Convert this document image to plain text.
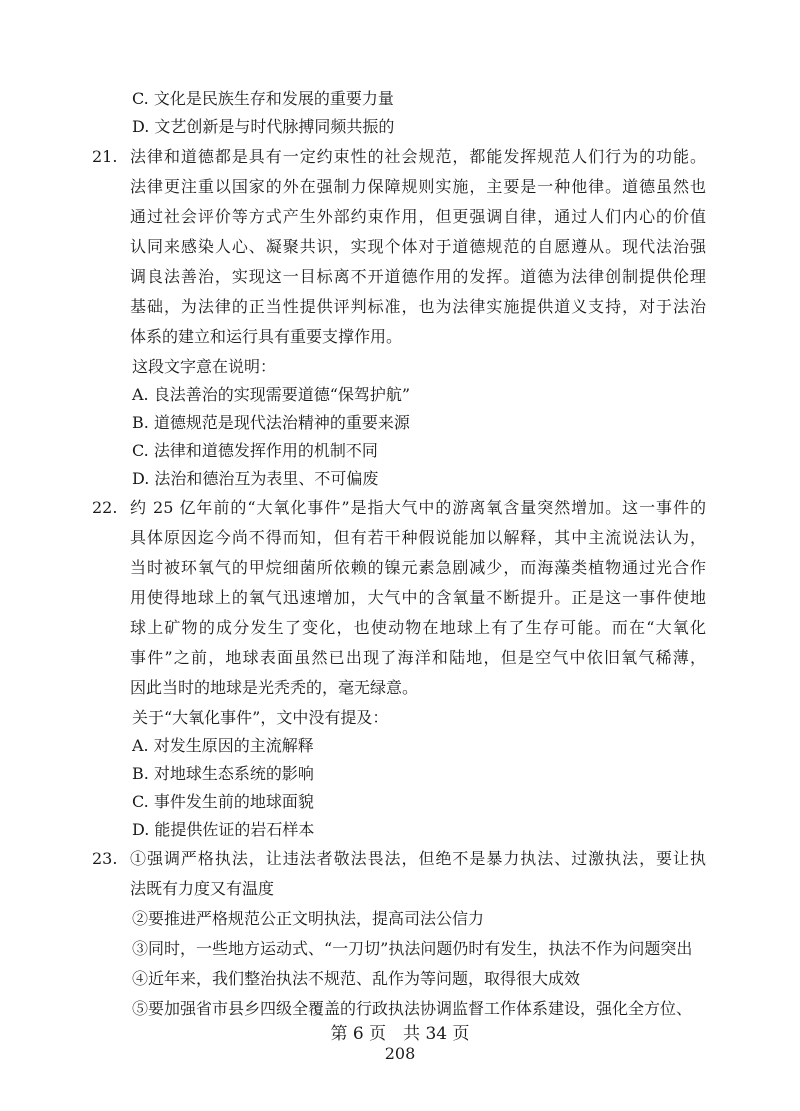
C. 文化是民族生存和发展的重要力量
D. 文艺创新是与时代脉搏同频共振的
21. 法律和道德都是具有一定约束性的社会规范，都能发挥规范人们行为的功能。
法律更注重以国家的外在强制力保障规则实施，主要是一种他律。道德虽然也
通过社会评价等方式产生外部约束作用，但更强调自律，通过人们内心的价值
认同来感染人心、凝聚共识，实现个体对于道德规范的自愿遵从。现代法治强
调良法善治，实现这一目标离不开道德作用的发挥。道德为法律创制提供伦理
基础，为法律的正当性提供评判标准，也为法律实施提供道义支持，对于法治
体系的建立和运行具有重要支撑作用。
这段文字意在说明：
A. 良法善治的实现需要道德“保驾护航”
B. 道德规范是现代法治精神的重要来源
C. 法律和道德发挥作用的机制不同
D. 法治和德治互为表里、不可偏废
22. 约 25 亿年前的“大氧化事件”是指大气中的游离氧含量突然增加。这一事件的
具体原因迄今尚不得而知，但有若干种假说能加以解释，其中主流说法认为，
当时被环氧气的甲烷细菌所依赖的镍元素急剧减少，而海藻类植物通过光合作
用使得地球上的氧气迅速增加，大气中的含氧量不断提升。正是这一事件使地
球上矿物的成分发生了变化，也使动物在地球上有了生存可能。而在“大氧化
事件”之前，地球表面虽然已出现了海洋和陆地，但是空气中依旧氧气稀薄，
因此当时的地球是光秃秃的，毫无绿意。
关于“大氧化事件”，文中没有提及：
A. 对发生原因的主流解释
B. 对地球生态系统的影响
C. 事件发生前的地球面貌
D. 能提供佐证的岩石样本
23. ①强调严格执法，让违法者敬法畏法，但绝不是暴力执法、过激执法，要让执
法既有力度又有温度
②要推进严格规范公正文明执法，提高司法公信力
③同时，一些地方运动式、“一刀切”执法问题仍时有发生，执法不作为问题突出
④近年来，我们整治执法不规范、乱作为等问题，取得很大成效
⑤要加强省市县乡四级全覆盖的行政执法协调监督工作体系建设，强化全方位、
第 6 页　共 34 页
208
